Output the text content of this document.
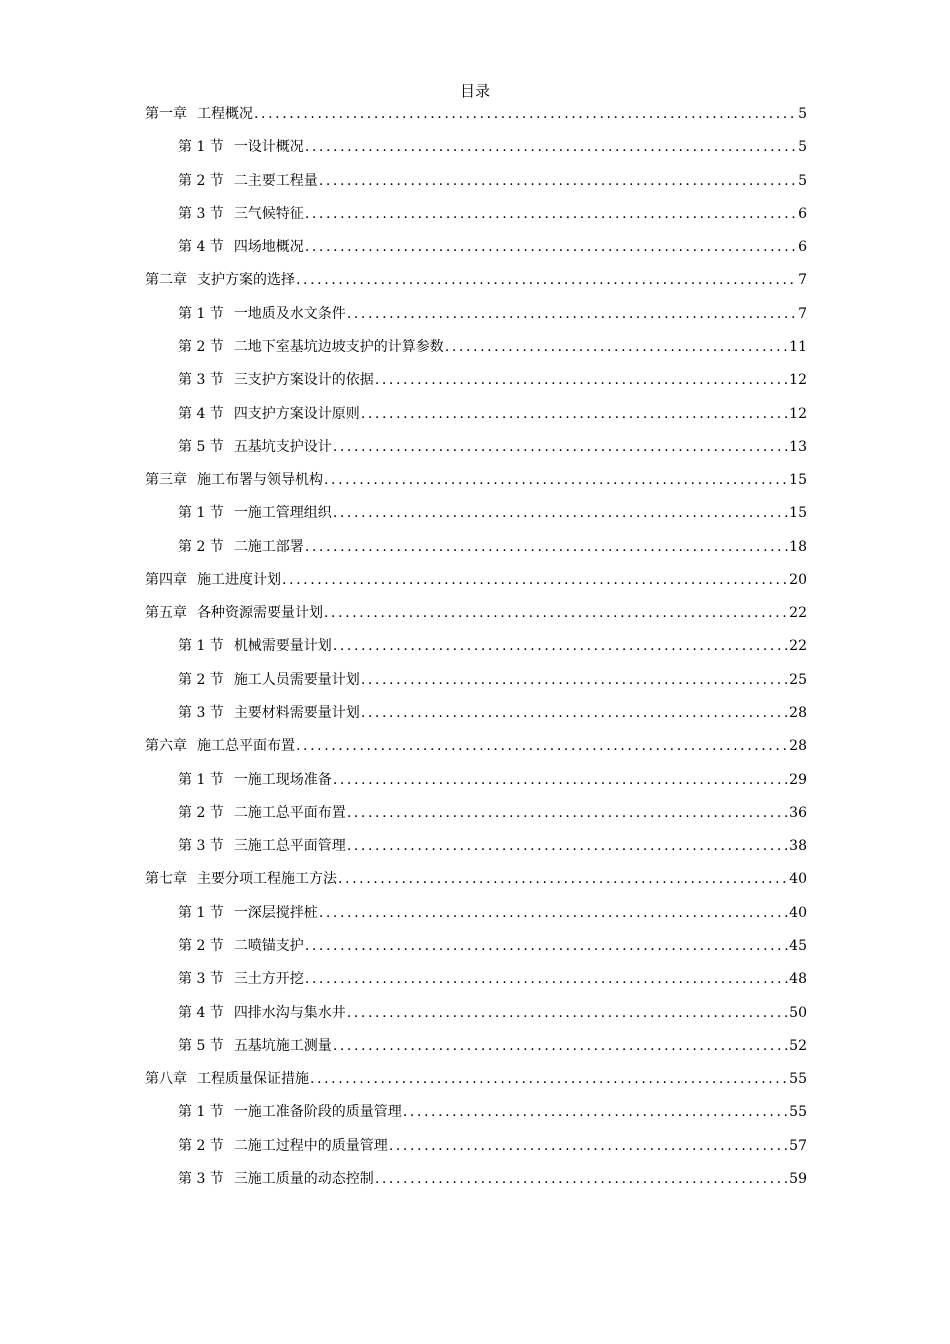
目录
第一章 工程概况 .....	5
第 1 节 一设计概况 .....	5
第 2 节 二主要工程量 .....	5
第 3 节 三气候特征 .....	6
第 4 节 四场地概况 .....	6
第二章 支护方案的选择 .....	7
第 1 节 一地质及水文条件 .....	7
第 2 节 二地下室基坑边坡支护的计算参数 .....	11
第 3 节 三支护方案设计的依据 .....	12
第 4 节 四支护方案设计原则 .....	12
第 5 节 五基坑支护设计 .....	13
第三章 施工布署与领导机构 .....	15
第 1 节 一施工管理组织 .....	15
第 2 节 二施工部署 .....	18
第四章 施工进度计划 .....	20
第五章 各种资源需要量计划 .....	22
第 1 节 机械需要量计划 .....	22
第 2 节 施工人员需要量计划 .....	25
第 3 节 主要材料需要量计划 .....	28
第六章 施工总平面布置 .....	28
第 1 节 一施工现场准备 .....	29
第 2 节 二施工总平面布置 .....	36
第 3 节 三施工总平面管理 .....	38
第七章 主要分项工程施工方法 .....	40
第 1 节 一深层搅拌桩 .....	40
第 2 节 二喷锚支护 .....	45
第 3 节 三土方开挖 .....	48
第 4 节 四排水沟与集水井 .....	50
第 5 节 五基坑施工测量 .....	52
第八章 工程质量保证措施 .....	55
第 1 节 一施工准备阶段的质量管理 .....	55
第 2 节 二施工过程中的质量管理 .....	57
第 3 节 三施工质量的动态控制 .....	59
